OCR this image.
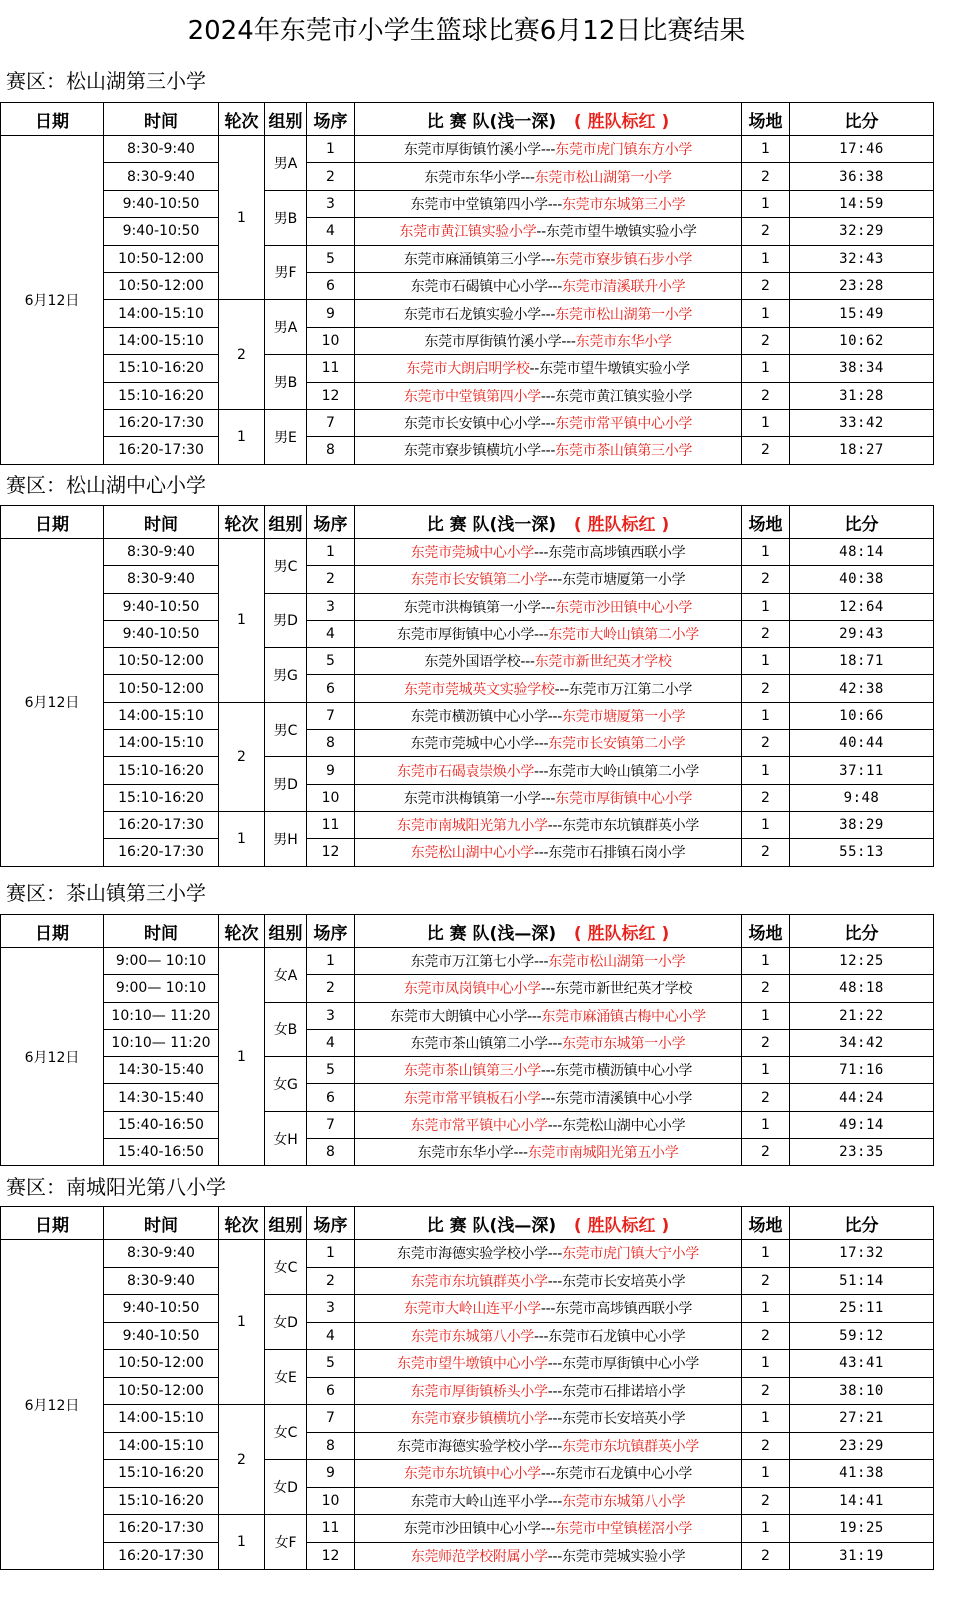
2024年东莞市小学生篮球比赛6月12日比赛结果
赛区：松山湖第三小学
日期	时间	轮次	组别	场序	比 赛 队(浅一深)   ( 胜队标红 )	场地	比分
6月12日	8:30-9:40	1	男A	1	东莞市厚街镇竹溪小学---东莞市虎门镇东方小学	1	17:46
	8:30-9:40			2	东莞市东华小学---东莞市松山湖第一小学	2	36:38
	9:40-10:50		男B	3	东莞市中堂镇第四小学---东莞市东城第三小学	1	14:59
	9:40-10:50			4	东莞市黄江镇实验小学--东莞市望牛墩镇实验小学	2	32:29
	10:50-12:00		男F	5	东莞市麻涌镇第三小学---东莞市寮步镇石步小学	1	32:43
	10:50-12:00			6	东莞市石碣镇中心小学---东莞市清溪联升小学	2	23:28
	14:00-15:10	2	男A	9	东莞市石龙镇实验小学---东莞市松山湖第一小学	1	15:49
	14:00-15:10			10	东莞市厚街镇竹溪小学---东莞市东华小学	2	10:62
	15:10-16:20		男B	11	东莞市大朗启明学校--东莞市望牛墩镇实验小学	1	38:34
	15:10-16:20			12	东莞市中堂镇第四小学---东莞市黄江镇实验小学	2	31:28
	16:20-17:30	1	男E	7	东莞市长安镇中心小学---东莞市常平镇中心小学	1	33:42
	16:20-17:30			8	东莞市寮步镇横坑小学---东莞市茶山镇第三小学	2	18:27
赛区：松山湖中心小学
日期	时间	轮次	组别	场序	比 赛 队(浅一深)   ( 胜队标红 )	场地	比分
6月12日	8:30-9:40	1	男C	1	东莞市莞城中心小学---东莞市高埗镇西联小学	1	48:14
	8:30-9:40			2	东莞市长安镇第二小学---东莞市塘厦第一小学	2	40:38
	9:40-10:50		男D	3	东莞市洪梅镇第一小学---东莞市沙田镇中心小学	1	12:64
	9:40-10:50			4	东莞市厚街镇中心小学---东莞市大岭山镇第二小学	2	29:43
	10:50-12:00		男G	5	东莞外国语学校---东莞市新世纪英才学校	1	18:71
	10:50-12:00			6	东莞市莞城英文实验学校---东莞市万江第二小学	2	42:38
	14:00-15:10	2	男C	7	东莞市横沥镇中心小学---东莞市塘厦第一小学	1	10:66
	14:00-15:10			8	东莞市莞城中心小学---东莞市长安镇第二小学	2	40:44
	15:10-16:20		男D	9	东莞市石碣袁崇焕小学---东莞市大岭山镇第二小学	1	37:11
	15:10-16:20			10	东莞市洪梅镇第一小学---东莞市厚街镇中心小学	2	9:48
	16:20-17:30	1	男H	11	东莞市南城阳光第九小学---东莞市东坑镇群英小学	1	38:29
	16:20-17:30			12	东莞松山湖中心小学---东莞市石排镇石岗小学	2	55:13
赛区：茶山镇第三小学
日期	时间	轮次	组别	场序	比 赛 队(浅—深)   ( 胜队标红 )	场地	比分
6月12日	9:00— 10:10	1	女A	1	东莞市万江第七小学---东莞市松山湖第一小学	1	12:25
	9:00— 10:10			2	东莞市凤岗镇中心小学---东莞市新世纪英才学校	2	48:18
	10:10— 11:20		女B	3	东莞市大朗镇中心小学---东莞市麻涌镇古梅中心小学	1	21:22
	10:10— 11:20			4	东莞市茶山镇第二小学---东莞市东城第一小学	2	34:42
	14:30-15:40		女G	5	东莞市茶山镇第三小学---东莞市横沥镇中心小学	1	71:16
	14:30-15:40			6	东莞市常平镇板石小学---东莞市清溪镇中心小学	2	44:24
	15:40-16:50		女H	7	东莞市常平镇中心小学---东莞松山湖中心小学	1	49:14
	15:40-16:50			8	东莞市东华小学---东莞市南城阳光第五小学	2	23:35
赛区：南城阳光第八小学
日期	时间	轮次	组别	场序	比 赛 队(浅—深)   ( 胜队标红 )	场地	比分
6月12日	8:30-9:40	1	女C	1	东莞市海德实验学校小学---东莞市虎门镇大宁小学	1	17:32
	8:30-9:40			2	东莞市东坑镇群英小学---东莞市长安培英小学	2	51:14
	9:40-10:50		女D	3	东莞市大岭山连平小学---东莞市高埗镇西联小学	1	25:11
	9:40-10:50			4	东莞市东城第八小学---东莞市石龙镇中心小学	2	59:12
	10:50-12:00		女E	5	东莞市望牛墩镇中心小学---东莞市厚街镇中心小学	1	43:41
	10:50-12:00			6	东莞市厚街镇桥头小学---东莞市石排诺培小学	2	38:10
	14:00-15:10	2	女C	7	东莞市寮步镇横坑小学---东莞市长安培英小学	1	27:21
	14:00-15:10			8	东莞市海德实验学校小学---东莞市东坑镇群英小学	2	23:29
	15:10-16:20		女D	9	东莞市东坑镇中心小学---东莞市石龙镇中心小学	1	41:38
	15:10-16:20			10	东莞市大岭山连平小学---东莞市东城第八小学	2	14:41
	16:20-17:30	1	女F	11	东莞市沙田镇中心小学---东莞市中堂镇槎滘小学	1	19:25
	16:20-17:30			12	东莞师范学校附属小学---东莞市莞城实验小学	2	31:19
